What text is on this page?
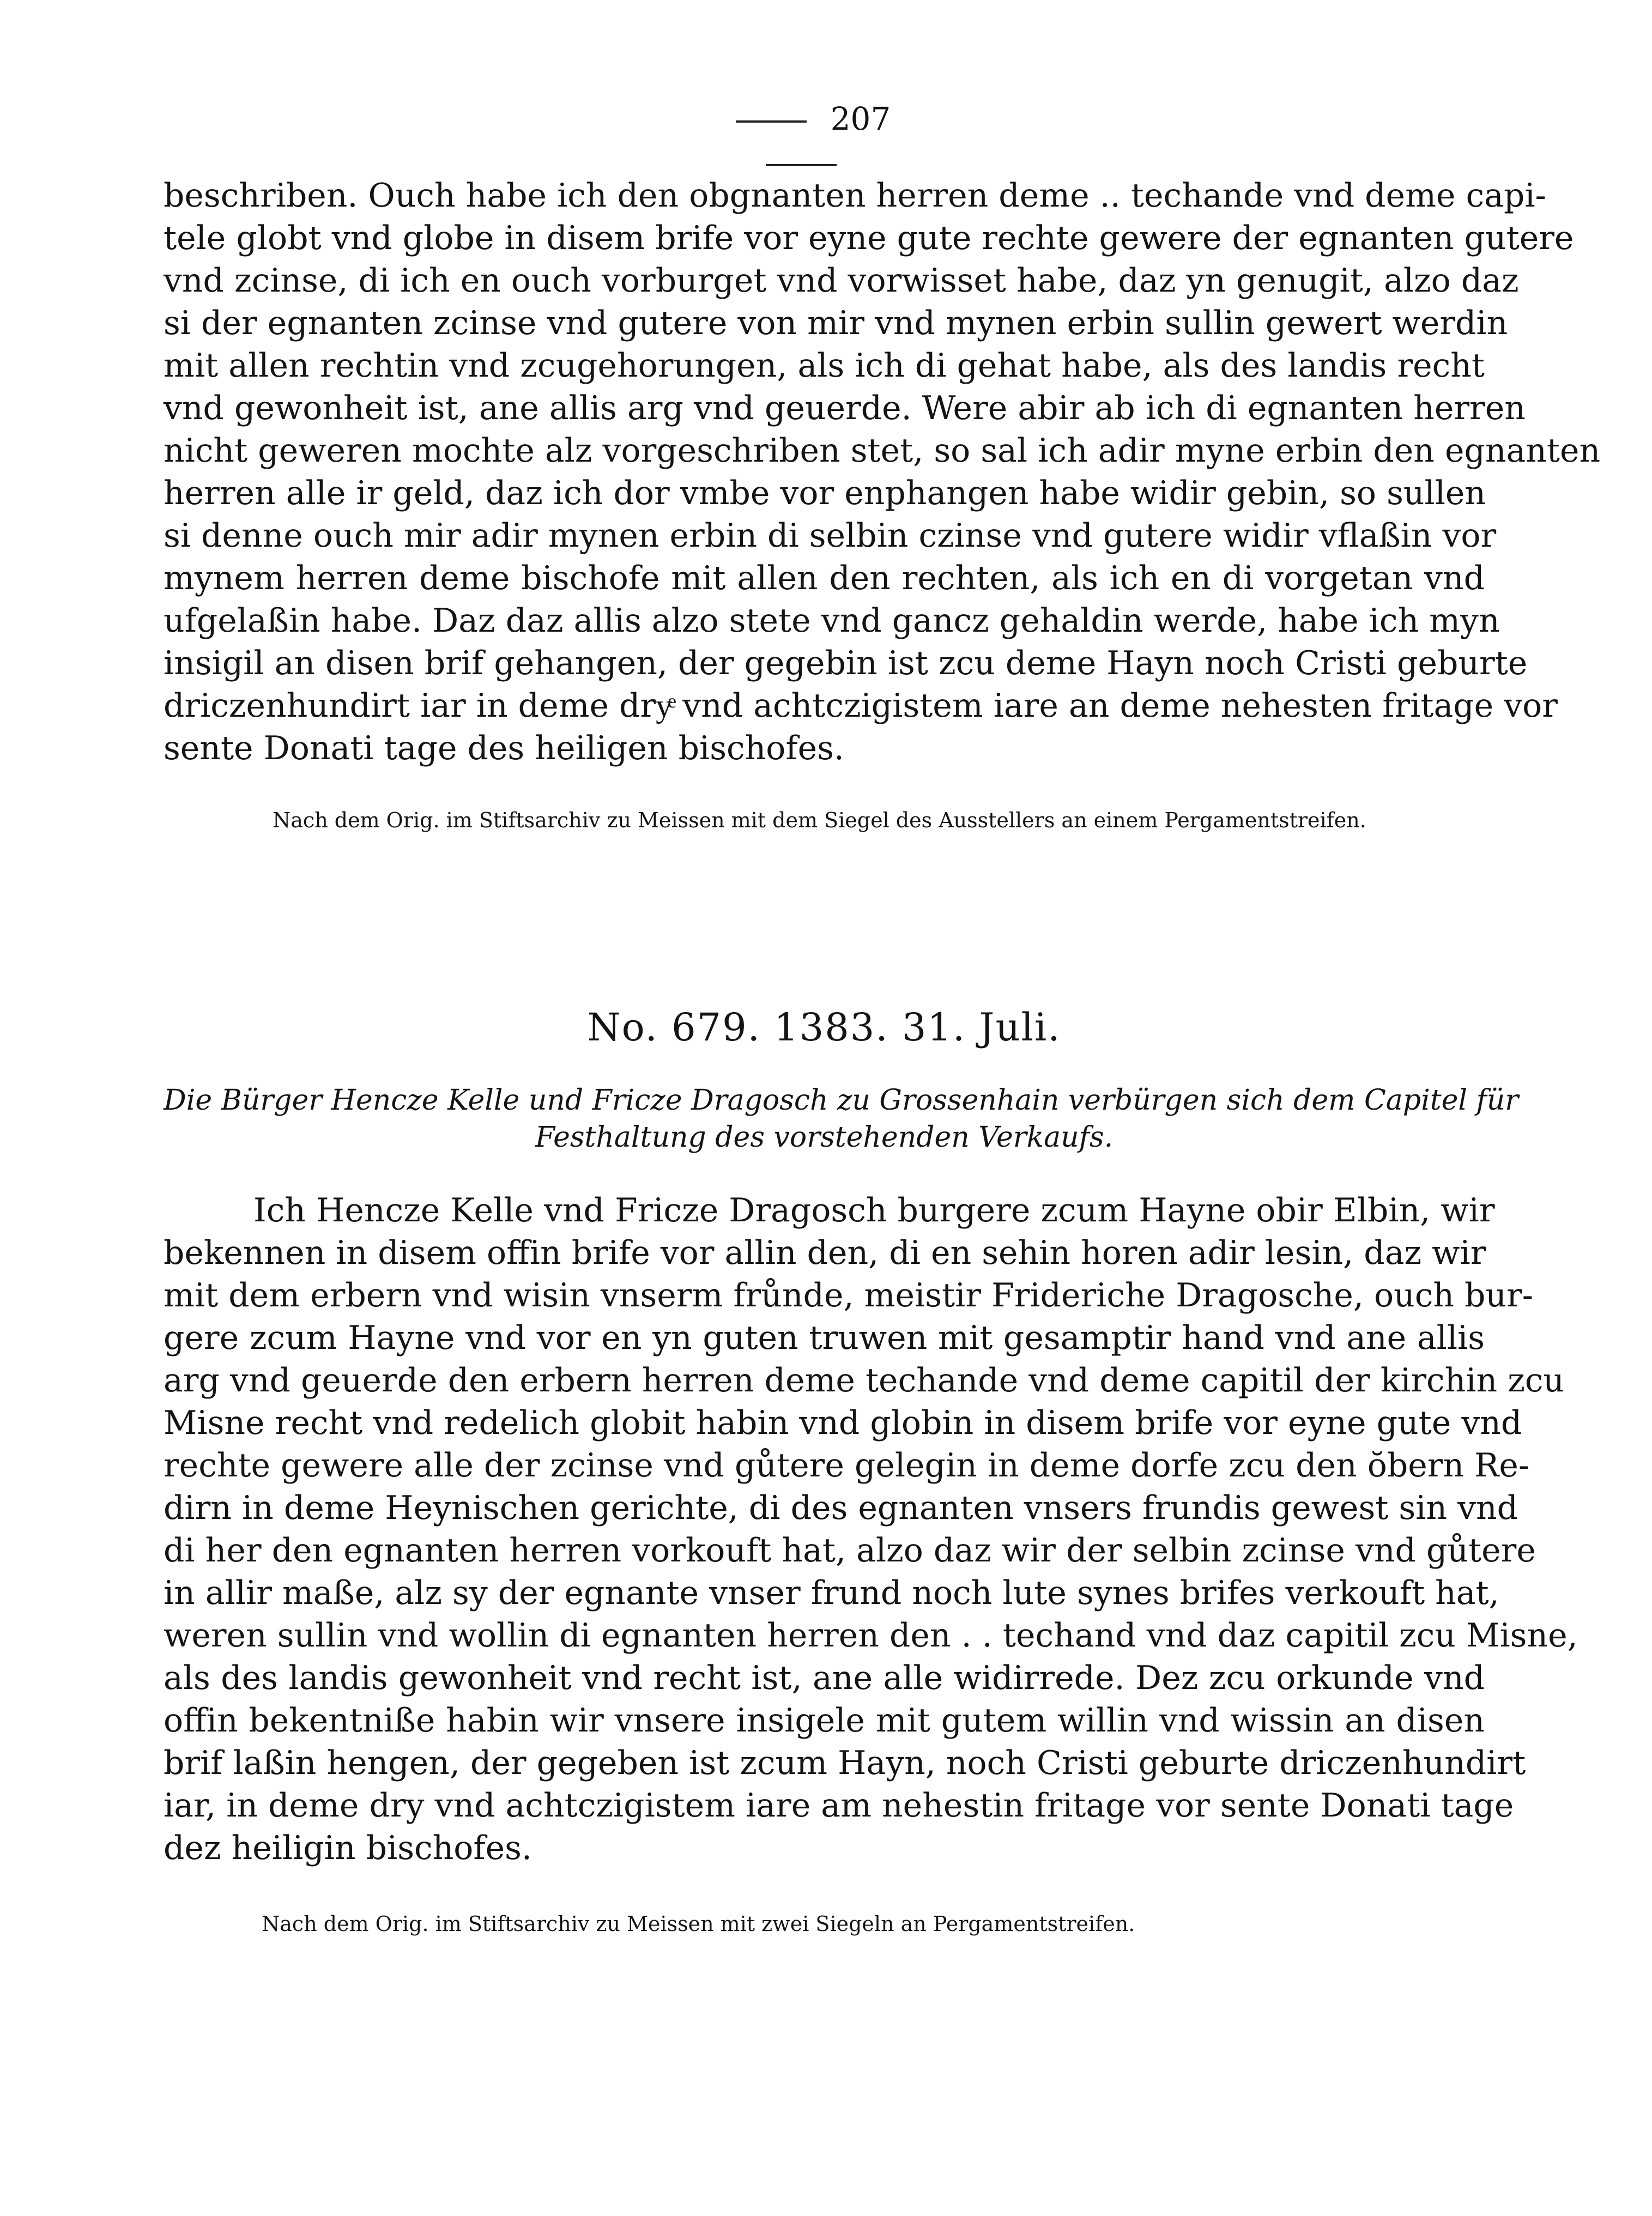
207
beschriben. Ouch habe ich den obgnanten herren deme .. techande vnd deme capi-
tele globt vnd globe in disem brife vor eyne gute rechte gewere der egnanten gutere
vnd zcinse, di ich en ouch vorburget vnd vorwisset habe, daz yn genugit, alzo daz
si der egnanten zcinse vnd gutere von mir vnd mynen erbin sullin gewert werdin
mit allen rechtin vnd zcugehorungen, als ich di gehat habe, als des landis recht
vnd gewonheit ist, ane allis arg vnd geuerde. Were abir ab ich di egnanten herren
nicht geweren mochte alz vorgeschriben stet, so sal ich adir myne erbin den egnanten
herren alle ir geld, daz ich dor vmbe vor enphangen habe widir gebin, so sullen
si denne ouch mir adir mynen erbin di selbin czinse vnd gutere widir vflaßin vor
mynem herren deme bischofe mit allen den rechten, als ich en di vorgetan vnd
ufgelaßin habe. Daz daz allis alzo stete vnd gancz gehaldin werde, habe ich myn
insigil an disen brif gehangen, der gegebin ist zcu deme Hayn noch Cristi geburte
driczenhundirt iar in deme dryͤ vnd achtczigistem iare an deme nehesten fritage vor
sente Donati tage des heiligen bischofes.
Nach dem Orig. im Stiftsarchiv zu Meissen mit dem Siegel des Ausstellers an einem Pergamentstreifen.
No. 679. 1383. 31. Juli.
Die Bürger Hencze Kelle und Fricze Dragosch zu Grossenhain verbürgen sich dem Capitel für
Festhaltung des vorstehenden Verkaufs.
Ich Hencze Kelle vnd Fricze Dragosch burgere zcum Hayne obir Elbin, wir
bekennen in disem offin brife vor allin den, di en sehin horen adir lesin, daz wir
mit dem erbern vnd wisin vnserm frůnde, meistir Frideriche Dragosche, ouch bur-
gere zcum Hayne vnd vor en yn guten truwen mit gesamptir hand vnd ane allis
arg vnd geuerde den erbern herren deme techande vnd deme capitil der kirchin zcu
Misne recht vnd redelich globit habin vnd globin in disem brife vor eyne gute vnd
rechte gewere alle der zcinse vnd gůtere gelegin in deme dorfe zcu den ŏbern Re-
dirn in deme Heynischen gerichte, di des egnanten vnsers frundis gewest sin vnd
di her den egnanten herren vorkouft hat, alzo daz wir der selbin zcinse vnd gůtere
in allir maße, alz sy der egnante vnser frund noch lute synes brifes verkouft hat,
weren sullin vnd wollin di egnanten herren den . . techand vnd daz capitil zcu Misne,
als des landis gewonheit vnd recht ist, ane alle widirrede. Dez zcu orkunde vnd
offin bekentniße habin wir vnsere insigele mit gutem willin vnd wissin an disen
brif laßin hengen, der gegeben ist zcum Hayn, noch Cristi geburte driczenhundirt
iar, in deme dry vnd achtczigistem iare am nehestin fritage vor sente Donati tage
dez heiligin bischofes.
Nach dem Orig. im Stiftsarchiv zu Meissen mit zwei Siegeln an Pergamentstreifen.
